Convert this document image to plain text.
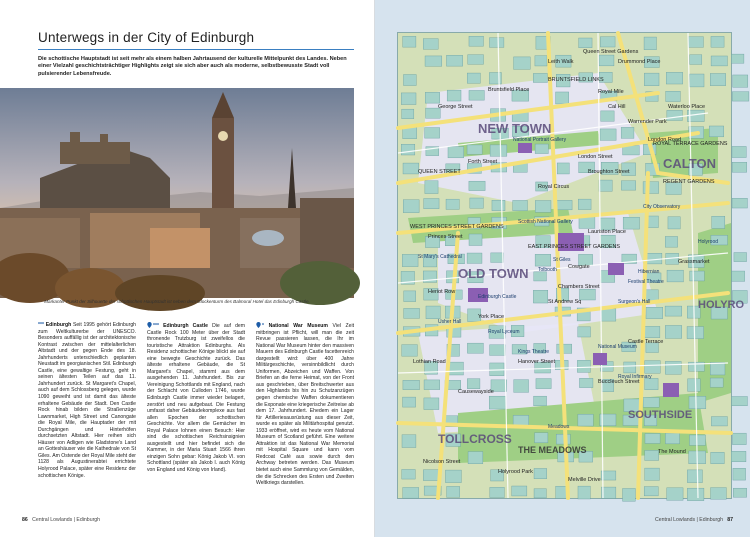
Unterwegs in der City of Edinburgh
Die schottische Hauptstadt ist seit mehr als einem halben Jahrtausend der kulturelle Mittelpunkt des Landes. Neben einer Vielzahl geschichtsträchtiger Highlights zeigt sie sich aber auch als moderne, selbstbewusste Stadt voll pulsierender Lebensfreude.
Markanter Punkt der Silhouette der schottischen Hauptstadt ist neben dem Glockenturm des Balmoral Hotel das Edinburgh Castle.
*** Edinburgh Seit 1995 gehört Edinburgh zum Weltkulturerbe der UNESCO. Besonders auffällig ist der architektonische Kontrast zwischen der mittelalterlichen Altstadt und der gegen Ende des 18. Jahrhunderts unterschiedlich geplanten Neustadt im georgianischen Stil. Edinburgh Castle, eine gewaltige Festung, geht in seinen ältesten Teilen auf das 11. Jahrhundert zurück. St Margaret's Chapel, auch auf dem Schlossberg gelegen, wurde 1090 geweiht und ist damit das älteste erhaltene Gebäude der Stadt. Den Castle Rock hinab bilden die Straßenzüge Lawnmarket, High Street und Canongate die Royal Mile, die Hauptader der mit Durchgängen und Hinterhöfen durchsetzten Altstadt. Hier reihen sich Häuser von Adligen wie Gladstone's Land an Gotteshäuser wie die Kathedrale von St Giles. Am Ostende der Royal Mile steht der 1128 als Augustinerabtei errichtete Holyrood Palace, später eine Residenz der schottischen Könige.
*** Edinburgh Castle Die auf dem Castle Rock 100 Meter über der Stadt thronende Trutzburg ist zweifellos die touristische Attraktion Edinburghs. Als Residenz schottischer Könige blickt sie auf eine bewegte Geschichte zurück. Das älteste erhaltene Gebäude, die St Margaret's Chapel, stammt aus dem ausgehenden 11. Jahrhundert. Bis zur Vereinigung Schottlands mit England, nach der Schlacht von Culloden 1746, wurde Edinburgh Castle immer wieder belagert, zerstört und neu aufgebaut. Die Festung umfasst daher Gebäudekomplexe aus fast allen Epochen der schottischen Geschichte. Vor allem die Gemächer im Royal Palace lohnen einen Besuch: Hier sind die schottischen Reichsinsignien ausgestellt und hier befindet sich die Kammer, in der Maria Stuart 1566 ihren einzigen Sohn gebar: König Jakob VI. von Schottland (später als Jakob I. auch König von England und König von Irland).
* National War Museum Viel Zeit mitbringen ist Pflicht, will man die zeit Revue passieren lassen, die Ihr im National War Museum hinter den massiven Mauern des Edinburgh Castle facettenreich dargestellt wird: über 400 Jahre Militärgeschichte, versinnbildlicht durch Uniformen, Abzeichen und Waffen. Von Briefen an die ferne Heimat, von der Front aus geschrieben, über Breitschwerter aus den Highlands bis hin zu Schutzanzügen gegen chemische Waffen dokumentieren die Exponate eine kriegerische Zeitreise ab dem 17. Jahrhundert. Ehedem ein Lager für Artilleriesausrüstung aus dieser Zeit, wurde es später als Militärhospital genutzt. 1933 eröffnet, wird es heute vom National Museum of Scotland geführt. Eine weitere Attraktion ist das National War Memorial mit Hospital Square und kann vom Redcoat Café aus sowie durch den Archway betreten werden. Das Museum bietet auch eine Sammlung von Gemälden, die die Schrecken des Ersten und Zweiten Weltkriegs darstellen.
86 Central Lowlands | Edinburgh
NEW TOWN
OLD TOWN
CALTON
TOLLCROSS
SOUTHSIDE
THE MEADOWS
HOLYRO
QUEEN STREET
Princes Street
Lothian Road
Melville Drive
London Road
ROYAL TERRACE GARDENS
REGENT GARDENS
WEST PRINCES STREET GARDENS
EAST PRINCES STREET GARDENS
BRUNTSFIELD LINKS
Waterloo Place
Leith Walk	Drummond Place
Queen Street Gardens
George Street
Forth Street
London Street
Broughton Street
Royal Circus
Heriot Row
York Place
St Andrew Sq
Hanover Street
Castle Terrace
Grassmarket
Cowgate
Chambers Street
Lauriston Place
Nicolson Street
Holyrood Park
The Mound
Royal Mile
Cal Hill
Bruntsfield Place
Warrender Park
Causewayside
Buccleuch Street
National Portrait Gallery
St Mary's Cathedral
City Observatory
Scottish National Gallery
Usher Hall
Festival Theatre
Kings Theatre
Royal Lyceum
Surgeon's Hall
National Museum
Tolbooth
St Giles
Edinburgh Castle
Holyrood
Hibernian
Royal Infirmary
Meadows
Central Lowlands | Edinburgh 87
